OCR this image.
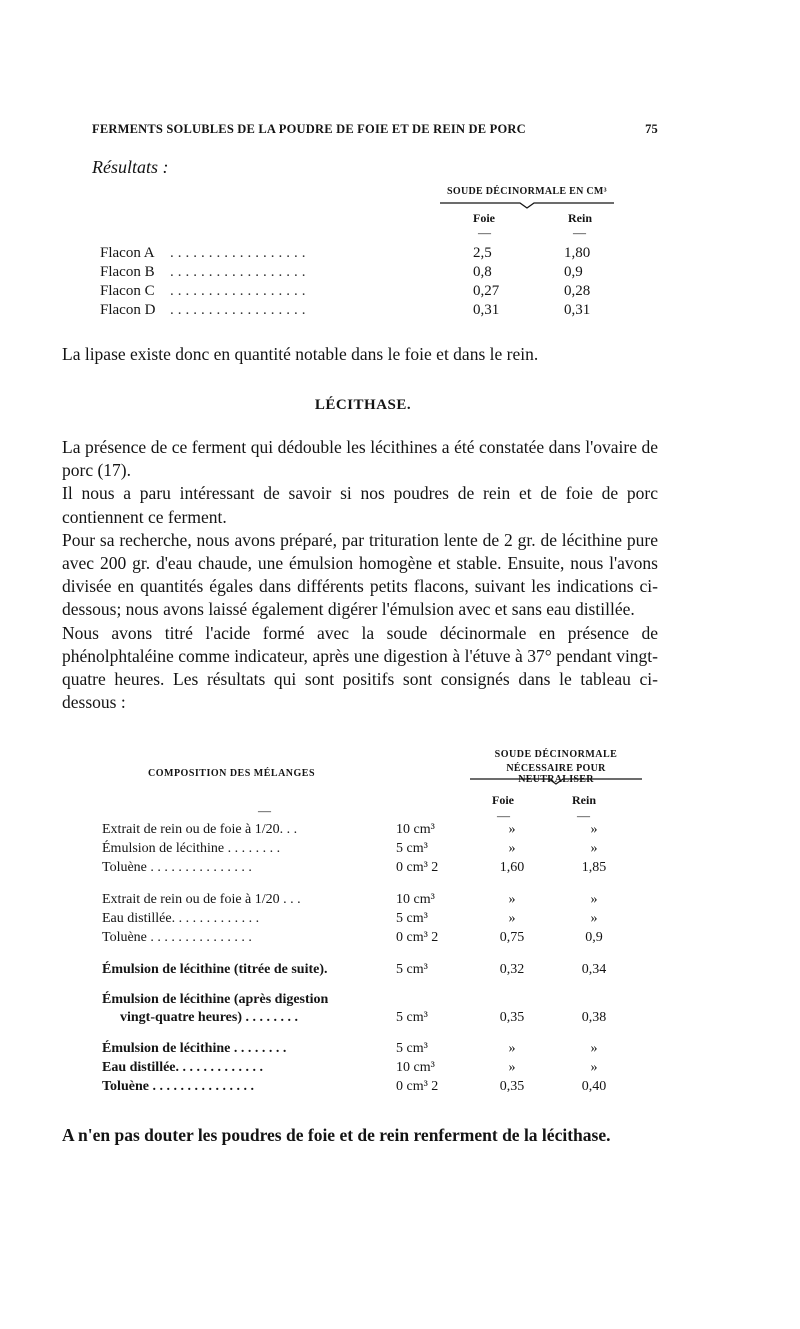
FERMENTS SOLUBLES DE LA POUDRE DE FOIE ET DE REIN DE PORC	75
Résultats :
SOUDE DÉCINORMALE EN CM³
Foie	Rein
—	—
Flacon A ..................	2,5	1,80
Flacon B ..................	0,8	0,9
Flacon C ..................	0,27	0,28
Flacon D ..................	0,31	0,31
La lipase existe donc en quantité notable dans le foie et dans le rein.
LÉCITHASE.

La présence de ce ferment qui dédouble les lécithines a été constatée dans l'ovaire de porc (17).

Il nous a paru intéressant de savoir si nos poudres de rein et de foie de porc contiennent ce ferment.

Pour sa recherche, nous avons préparé, par trituration lente de 2 gr. de lécithine pure avec 200 gr. d'eau chaude, une émulsion homogène et stable. Ensuite, nous l'avons divisée en quantités égales dans différents petits flacons, suivant les indications ci-dessous; nous avons laissé également digérer l'émulsion avec et sans eau distillée.

Nous avons titré l'acide formé avec la soude décinormale en présence de phénolphtaléine comme indicateur, après une digestion à l'étuve à 37° pendant vingt-quatre heures. Les résultats qui sont positifs sont consignés dans le tableau ci-dessous :

SOUDE DÉCINORMALE
COMPOSITION DES MÉLANGES	NÉCESSAIRE POUR NEUTRALISER
Foie	Rein
—	—	—
Extrait de rein ou de foie à 1/20. . .	10 cm³	»	»
Émulsion de lécithine . . . . . . . .	5 cm³	»	»
Toluène . . . . . . . . . . . . . . .	0 cm³ 2	1,60	1,85
Extrait de rein ou de foie à 1/20 . . .	10 cm³	»	»
Eau distillée. . . . . . . . . . . . .	5 cm³	»	»
Toluène . . . . . . . . . . . . . . .	0 cm³ 2	0,75	0,9
Émulsion de lécithine (titrée de suite).	5 cm³	0,32	0,34
Émulsion de lécithine (après digestion
vingt-quatre heures) . . . . . . . .	5 cm³	0,35	0,38
Émulsion de lécithine . . . . . . . .	5 cm³	»	»
Eau distillée. . . . . . . . . . . . .	10 cm³	»	»
Toluène . . . . . . . . . . . . . . .	0 cm³ 2	0,35	0,40
A n'en pas douter les poudres de foie et de rein renferment de la lécithase.
